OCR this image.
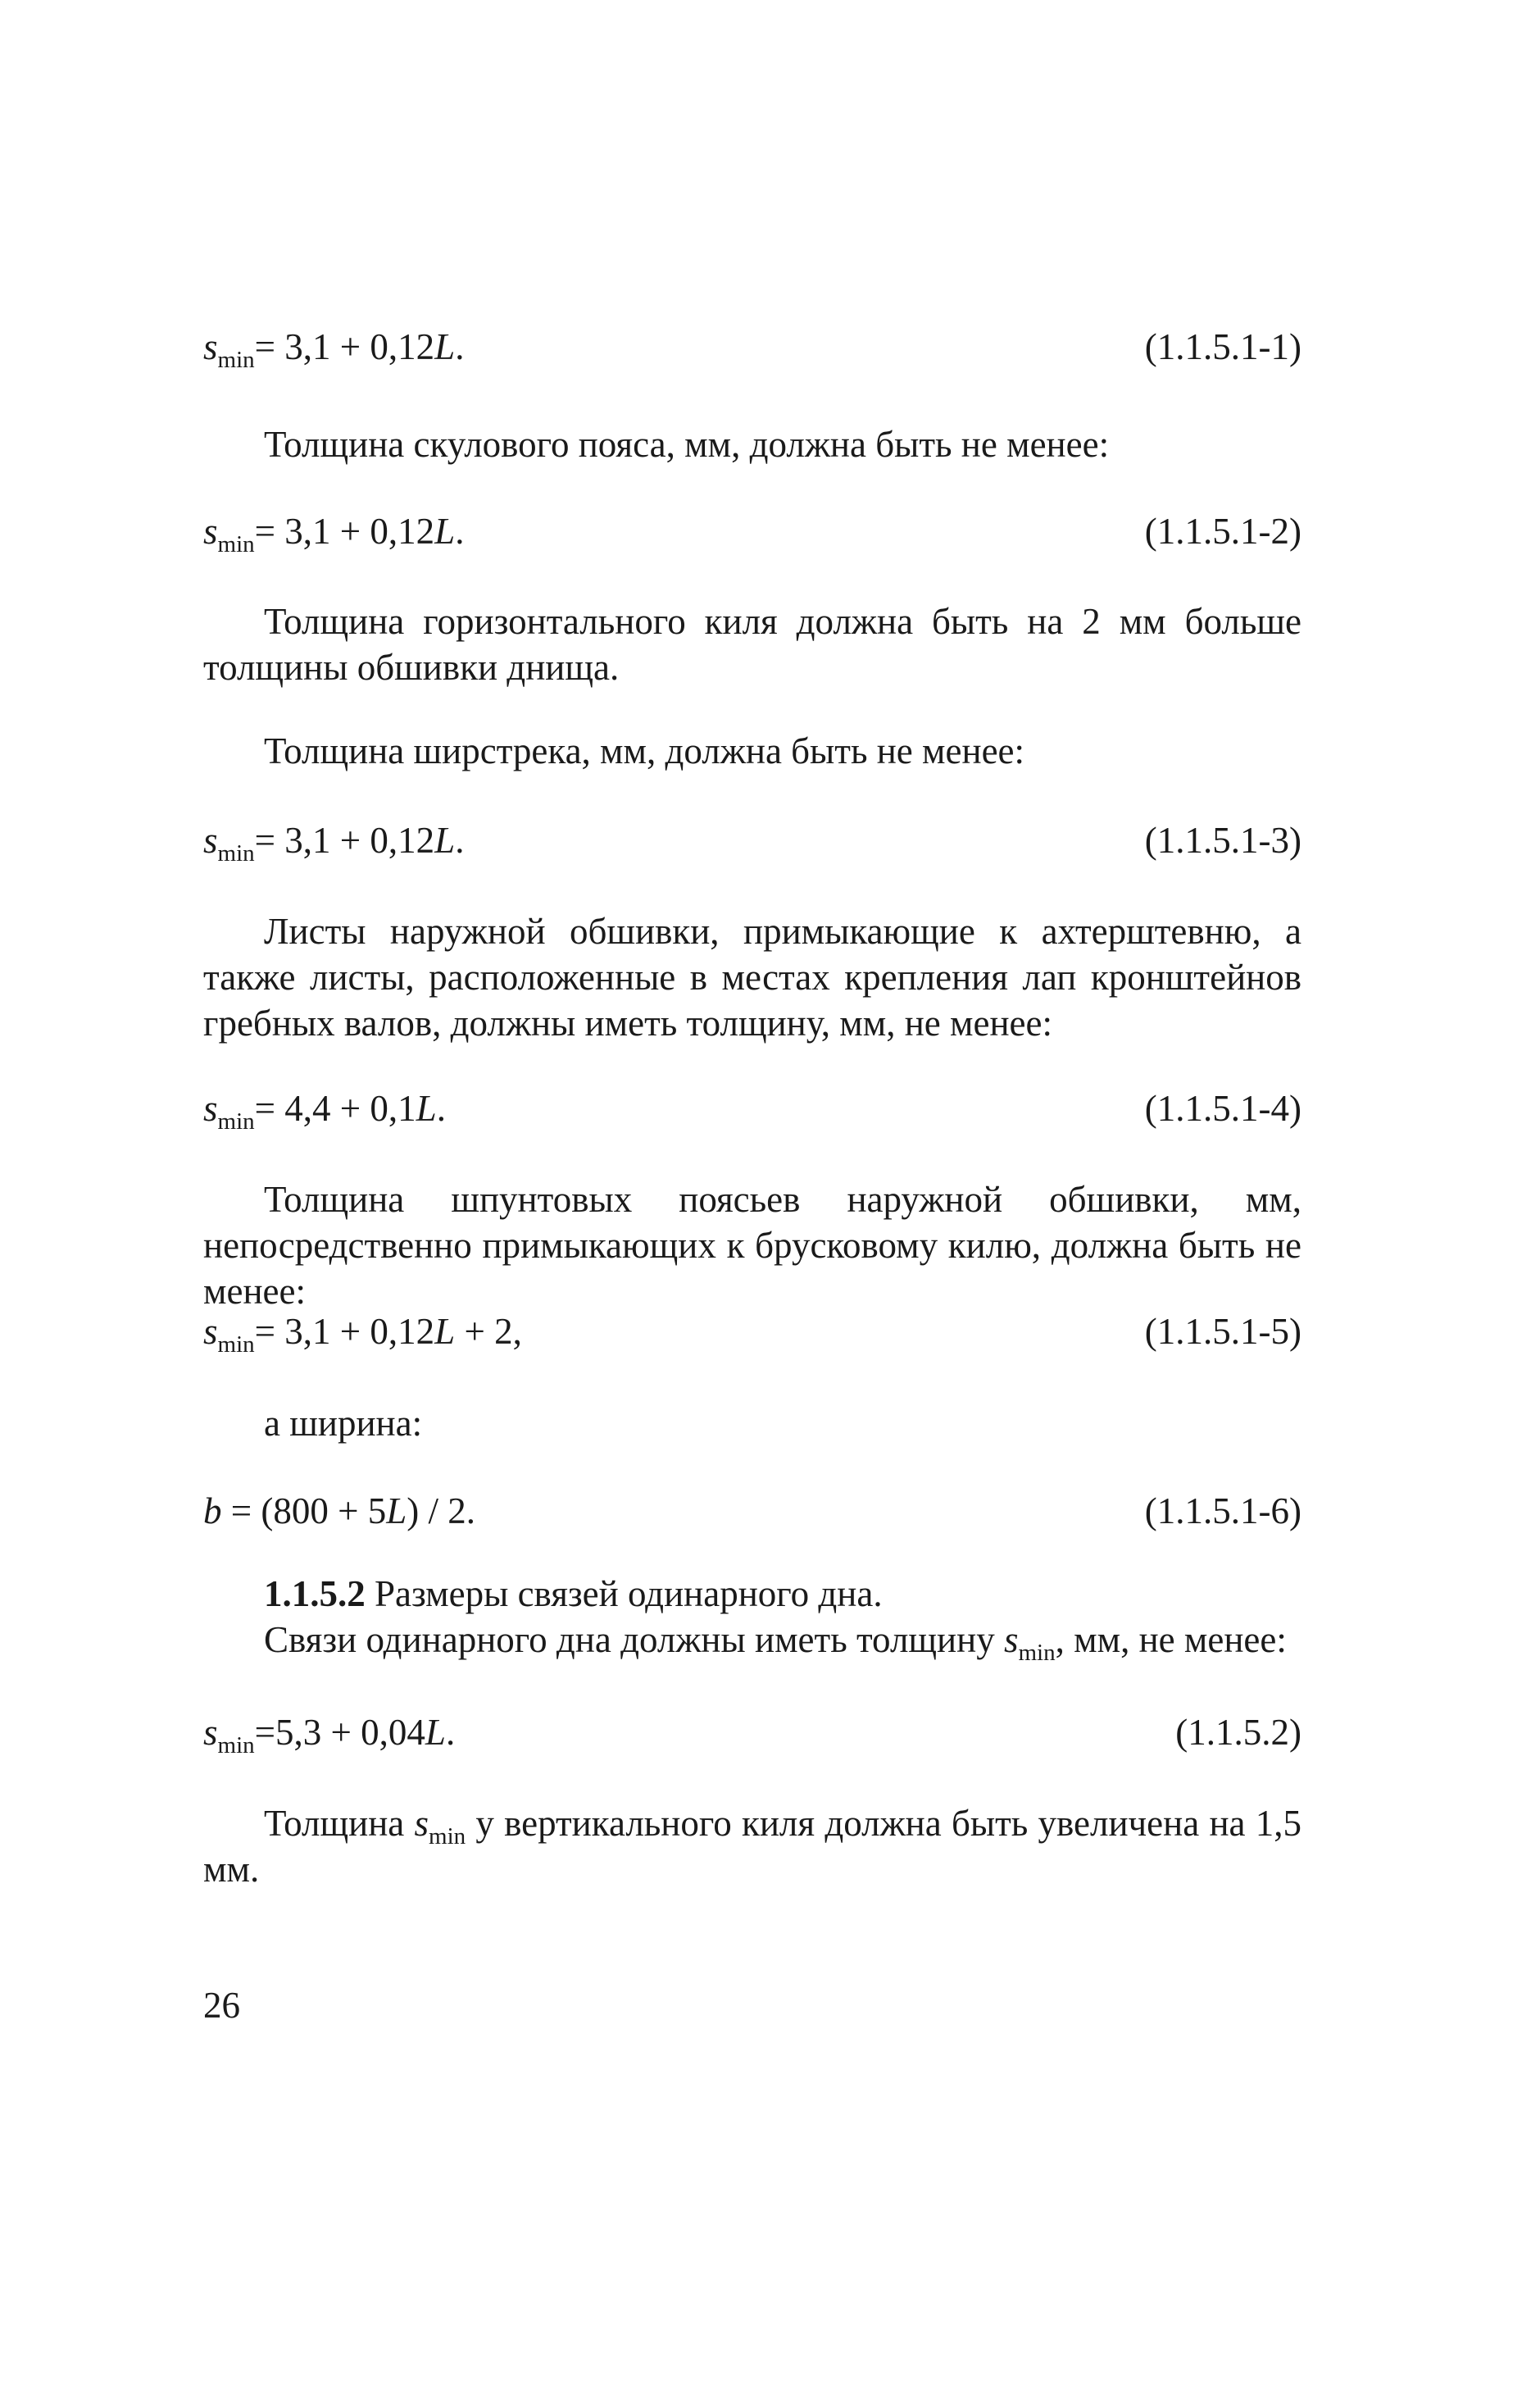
$s_{min}= 3,1 + 0,12L$.	(1.1.5.1-1)
Толщина скулового пояса, мм, должна быть не менее:
$s_{min}= 3,1 + 0,12L$.	(1.1.5.1-2)
Толщина горизонтального киля должна быть на 2 мм больше толщины обшивки днища.
Толщина ширстрека, мм, должна быть не менее:
$s_{min}= 3,1 + 0,12L$.	(1.1.5.1-3)
Листы наружной обшивки, примыкающие к ахтерштевню, а также листы, расположенные в местах крепления лап кронштейнов гребных валов, должны иметь толщину, мм, не менее:
$s_{min}= 4,4 + 0,1L$.	(1.1.5.1-4)
Толщина шпунтовых поясьев наружной обшивки, мм, непосредственно примыкающих к брусковому килю, должна быть не менее:
$s_{min}= 3,1 + 0,12L + 2$,	(1.1.5.1-5)
а ширина:
b = (800 + 5L) / 2.	(1.1.5.1-6)
1.1.5.2 Размеры связей одинарного дна.
Связи одинарного дна должны иметь толщину $s_{min}$, мм, не менее:
$s_{min}=5,3 + 0,04L$.	(1.1.5.2)
Толщина $s_{min}$ у вертикального киля должна быть увеличена на 1,5 мм.
26
